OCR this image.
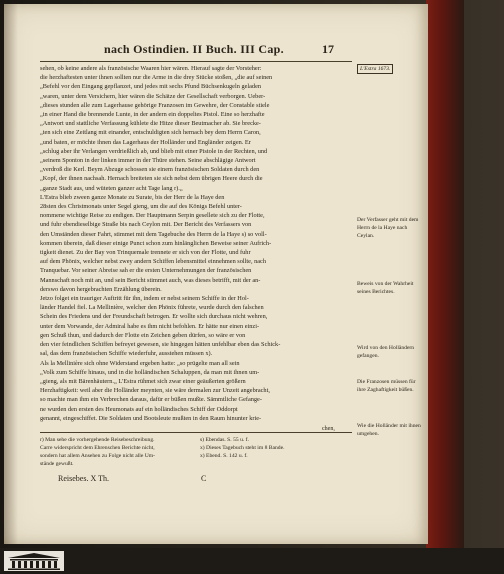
nach Ostindien. II Buch. III Cap.	17
sehen, ob keine andere als französische Waaren hier wären. Hierauf sagte der Vorsteher:
die herzhaftesten unter ihnen sollten nur die Arme in die drey Stücke stoßen, „die auf seinen
„Befehl vor den Eingang gepflanzet, und jedes mit sechs Pfund Büchsenkugeln geladen
„waren, unter dem Versichern, hier wären die Schätze der Gesellschaft verborgen. Ueber-
„dieses stunden alle zum Lagerhause gehörige Franzosen im Gewehre, der Constable stiele
„in einer Hand die brennende Lunte, in der andern ein doppeltes Pistol. Eine so herzhafte
„Antwort und stattliche Verfassung kühlete die Hitze dieser Beutmacher ab. Sie brecke-
„ten sich eine Zeitlang mit einander, entschuldigten sich hernach bey dem Herrn Caron,
„und baten, er möchte ihnen das Lagerhaus der Holländer und Engländer zeigen. Er
„schlug aber ihr Verlangen verdrießlich ab, und blieb mit einer Pistole in der Rechten, und
„seinem Sponton in der linken immer in der Thüre stehen. Seine abschlägige Antwort
„verdroß die Kerl. Beym Abzuge schossen sie einem französischen Soldaten durch den
„Kopf, der ihnen nachsah. Hernach breiteten sie sich nebst dem übrigen Heere durch die
„ganze Stadt aus, und wüteten ganzer acht Tage lang r).„
L'Estra blieb zween ganze Monate zu Surate, bis der Herr de la Haye den
28sten des Christmonats unter Segel gieng, um die auf des Königs Befehl unter-
nommene wichtige Reise zu endigen. Der Hauptmann Serpin gesellete sich zu der Flotte,
und fuhr ebendieselbige Straße bis nach Ceylon mit. Der Bericht des Verfassers von
den Umständen dieser Fahrt, stimmet mit dem Tagebuche des Herrn de la Haye s) so voll-
kommen überein, daß dieser einige Punct schon zum hinlänglichen Beweise seiner Aufrich-
tigkeit dienet. Zu der Bay von Trinquemale trennete er sich von der Flotte, und fuhr
auf dem Phönix, welcher nebst zwey andern Schiffen lebensmittel einnehmen sollte, nach
Tranquebar. Vor seiner Abreise sah er die ersten Unternehmungen der französischen
Mannschaft noch mit an, und sein Bericht stimmet auch, was dieses betrifft, mit der an-
derswo davon hergebrachten Erzählung überein.
Jetzo folget ein trauriger Auftritt für ihn, indem er nebst seinem Schiffe in der Hol-
länder Handel fiel. La Mellinière, welcher den Phönix führete, wurde durch den falschen
Schein des Friedens und der Freundschaft betrogen. Er wollte sich durchaus nicht wehren,
unter dem Vorwande, der Admiral habe es ihm nicht befohlen. Er hätte nur einen einzi-
gen Schuß thun, und dadurch der Flotte ein Zeichen geben dürfen, so wäre er von
den vier feindlichen Schiffen befreyet gewesen, sie hingegen hätten unfehlbar eben das Schick-
sal, das dem französischen Schiffe wiederfuhr, ausstehen müssen x).
Als la Mellinière sich ohne Widerstand ergeben hatte: „so prügelte man all sein
„Volk zum Schiffe hinaus, und in die holländischen Schaluppen, da man mit ihnen um-
„gieng, als mit Bärenhäutern.„ L'Estra rühmet sich zwar einer geäußerten größern
Herzhaftigkeit: weil aber die Holländer meynten, sie wäre dermalen zur Unzeit angebracht,
so machte man ihm ein Verbrechen daraus, dafür er büßen mußte. Sämmtliche Gefange-
ne wurden den ersten des Heumonats auf ein holländisches Schiff der Oddorpt
genannt, eingeschiffet. Die Soldaten und Bootsleute mußten in den Raum hinunter krie-
L'Estra 1673.
Der Verfasser geht mit dem Herrn de la Haye nach Ceylan.
Beweis von der Wahrheit seines Berichtes.
Wird von den Holländern gefangen.
Die Franzosen müssen für ihre Zaghaftigkeit büßen.
Wie die Holländer mit ihnen umgehen.
chen,
r) Man sehe die vorhergehende Reisebeschreibung.
Carre widerspricht dem Ehrenschen Berichte nicht,
sondern hat allem Ansehen zu Folge nicht alle Um-
stände gewußt.
s) Ebendas. S. 55 u. f.
x) Dieses Tagebuch steht im 8 Bande.
x) Ebend. S. 142 u. f.
Reisebes. X Th.	C
